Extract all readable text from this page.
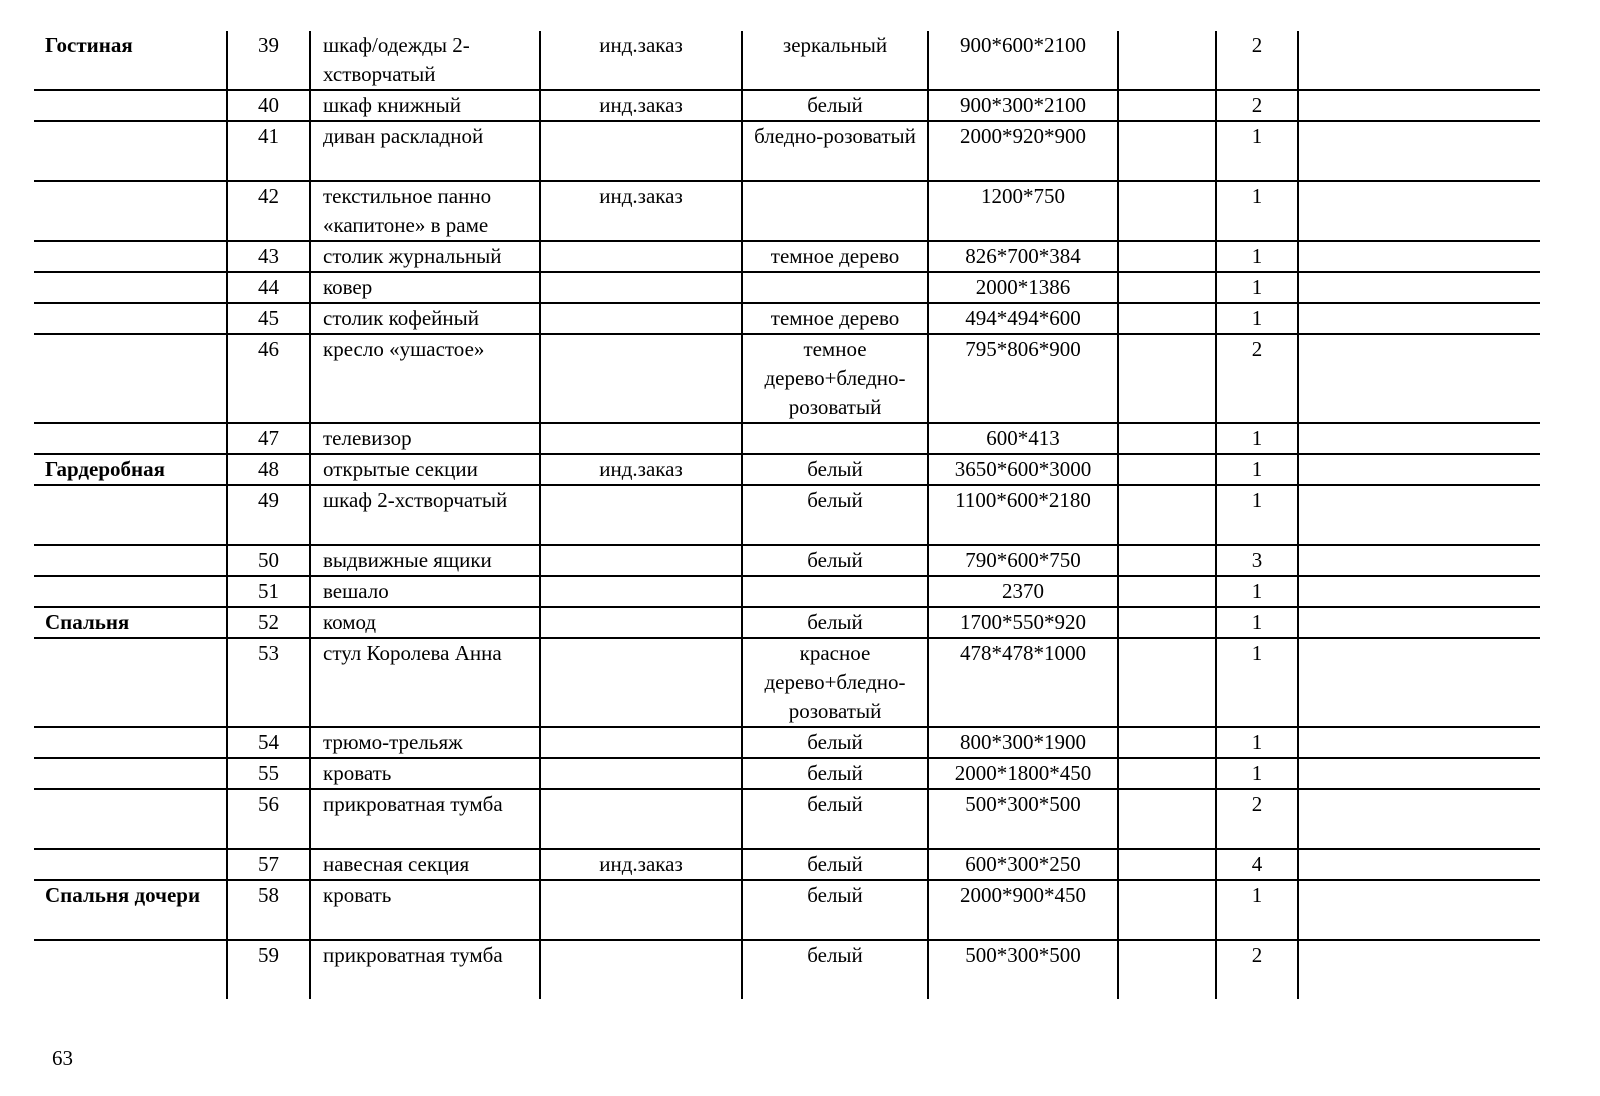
Гостиная	39	шкаф/одежды 2-хстворчатый	инд.заказ	зеркальный	900*600*2100		2	
	40	шкаф книжный	инд.заказ	белый	900*300*2100		2	
	41	диван раскладной		бледно-розоватый	2000*920*900		1	
	42	текстильное панно «капитоне» в раме	инд.заказ		1200*750		1	
	43	столик журнальный		темное дерево	826*700*384		1	
	44	ковер			2000*1386		1	
	45	столик кофейный		темное дерево	494*494*600		1	
	46	кресло «ушастое»		темное дерево+бледно-розоватый	795*806*900		2	
	47	телевизор			600*413		1	
Гардеробная	48	открытые секции	инд.заказ	белый	3650*600*3000		1	
	49	шкаф 2-хстворчатый		белый	1100*600*2180		1	
	50	выдвижные ящики		белый	790*600*750		3	
	51	вешало			2370		1	
Спальня	52	комод		белый	1700*550*920		1	
	53	стул Королева Анна		красное дерево+бледно-розоватый	478*478*1000		1	
	54	трюмо-трельяж		белый	800*300*1900		1	
	55	кровать		белый	2000*1800*450		1	
	56	прикроватная тумба		белый	500*300*500		2	
	57	навесная секция	инд.заказ	белый	600*300*250		4	
Спальня дочери	58	кровать		белый	2000*900*450		1	
	59	прикроватная тумба		белый	500*300*500		2	
63
